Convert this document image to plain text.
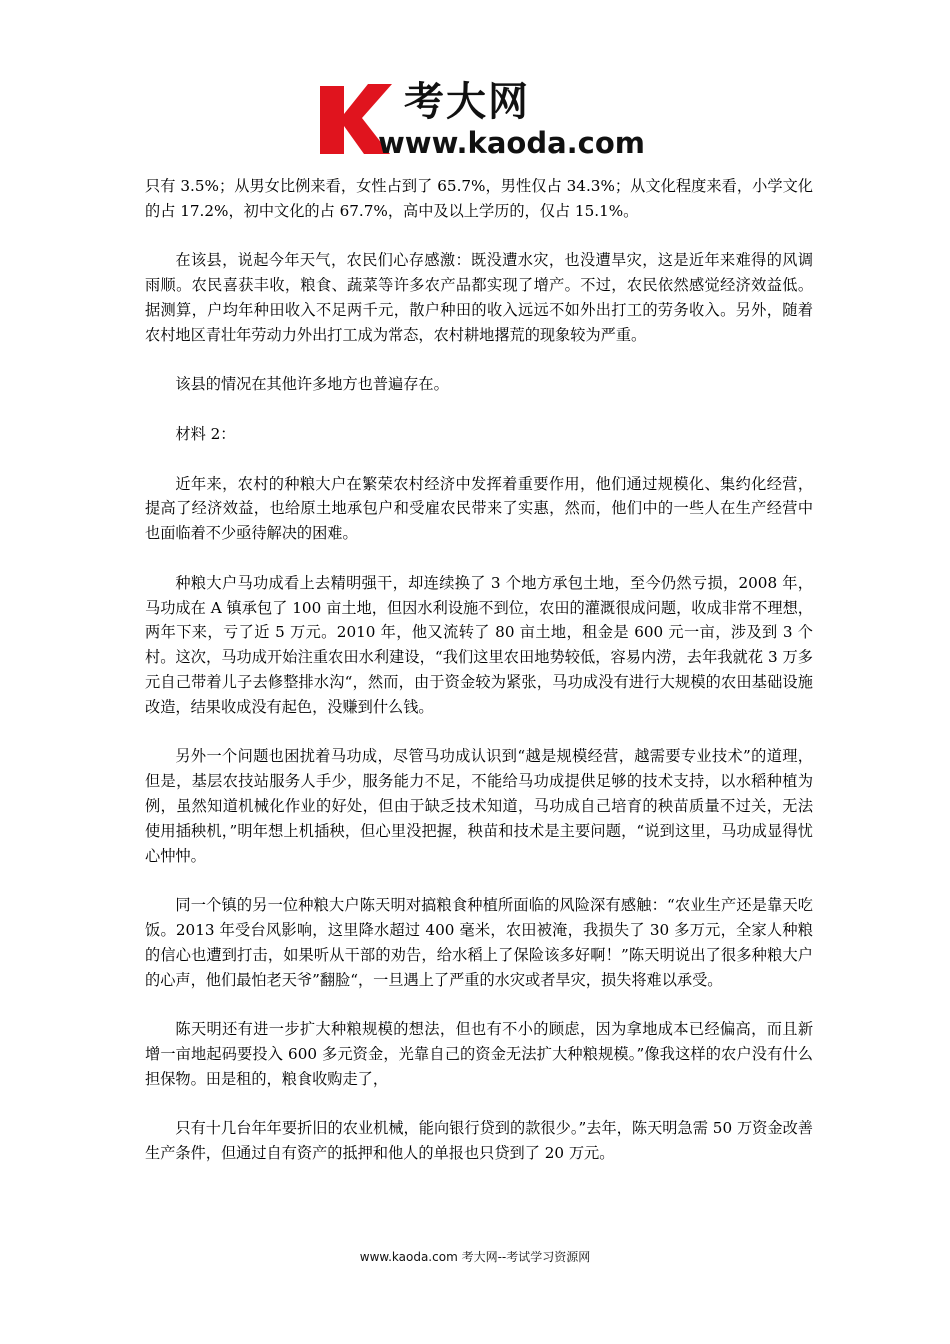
考大网
www.kaoda.com

只有 3.5%；从男女比例来看，女性占到了 65.7%，男性仅占 34.3%；从文化程度来看，小学文化的占 17.2%，初中文化的占 67.7%，高中及以上学历的，仅占 15.1%。

在该县，说起今年天气，农民们心存感激：既没遭水灾，也没遭旱灾，这是近年来难得的风调雨顺。农民喜获丰收，粮食、蔬菜等许多农产品都实现了增产。不过，农民依然感觉经济效益低。据测算，户均年种田收入不足两千元，散户种田的收入远远不如外出打工的劳务收入。另外，随着农村地区青壮年劳动力外出打工成为常态，农村耕地撂荒的现象较为严重。

该县的情况在其他许多地方也普遍存在。

材料 2：

近年来，农村的种粮大户在繁荣农村经济中发挥着重要作用，他们通过规模化、集约化经营，提高了经济效益，也给原土地承包户和受雇农民带来了实惠，然而，他们中的一些人在生产经营中也面临着不少亟待解决的困难。

种粮大户马功成看上去精明强干，却连续换了 3 个地方承包土地，至今仍然亏损，2008 年，马功成在 A 镇承包了 100 亩土地，但因水利设施不到位，农田的灌溉很成问题，收成非常不理想，两年下来，亏了近 5 万元。2010 年，他又流转了 80 亩土地，租金是 600 元一亩，涉及到 3 个村。这次，马功成开始注重农田水利建设，“我们这里农田地势较低，容易内涝，去年我就花 3 万多元自己带着儿子去修整排水沟“，然而，由于资金较为紧张，马功成没有进行大规模的农田基础设施改造，结果收成没有起色，没赚到什么钱。

另外一个问题也困扰着马功成，尽管马功成认识到“越是规模经营，越需要专业技术”的道理，但是，基层农技站服务人手少，服务能力不足，不能给马功成提供足够的技术支持，以水稻种植为例，虽然知道机械化作业的好处，但由于缺乏技术知道，马功成自己培育的秧苗质量不过关，无法使用插秧机，”明年想上机插秧，但心里没把握，秧苗和技术是主要问题，“说到这里，马功成显得忧心忡忡。

同一个镇的另一位种粮大户陈天明对搞粮食种植所面临的风险深有感触：“农业生产还是靠天吃饭。2013 年受台风影响，这里降水超过 400 毫米，农田被淹，我损失了 30 多万元，全家人种粮的信心也遭到打击，如果听从干部的劝告，给水稻上了保险该多好啊！”陈天明说出了很多种粮大户的心声，他们最怕老天爷”翻脸“，一旦遇上了严重的水灾或者旱灾，损失将难以承受。

陈天明还有进一步扩大种粮规模的想法，但也有不小的顾虑，因为拿地成本已经偏高，而且新增一亩地起码要投入 600 多元资金，光靠自己的资金无法扩大种粮规模。”像我这样的农户没有什么担保物。田是租的，粮食收购走了，

只有十几台年年要折旧的农业机械，能向银行贷到的款很少。”去年，陈天明急需 50 万资金改善生产条件，但通过自有资产的抵押和他人的单报也只贷到了 20 万元。

www.kaoda.com 考大网--考试学习资源网
